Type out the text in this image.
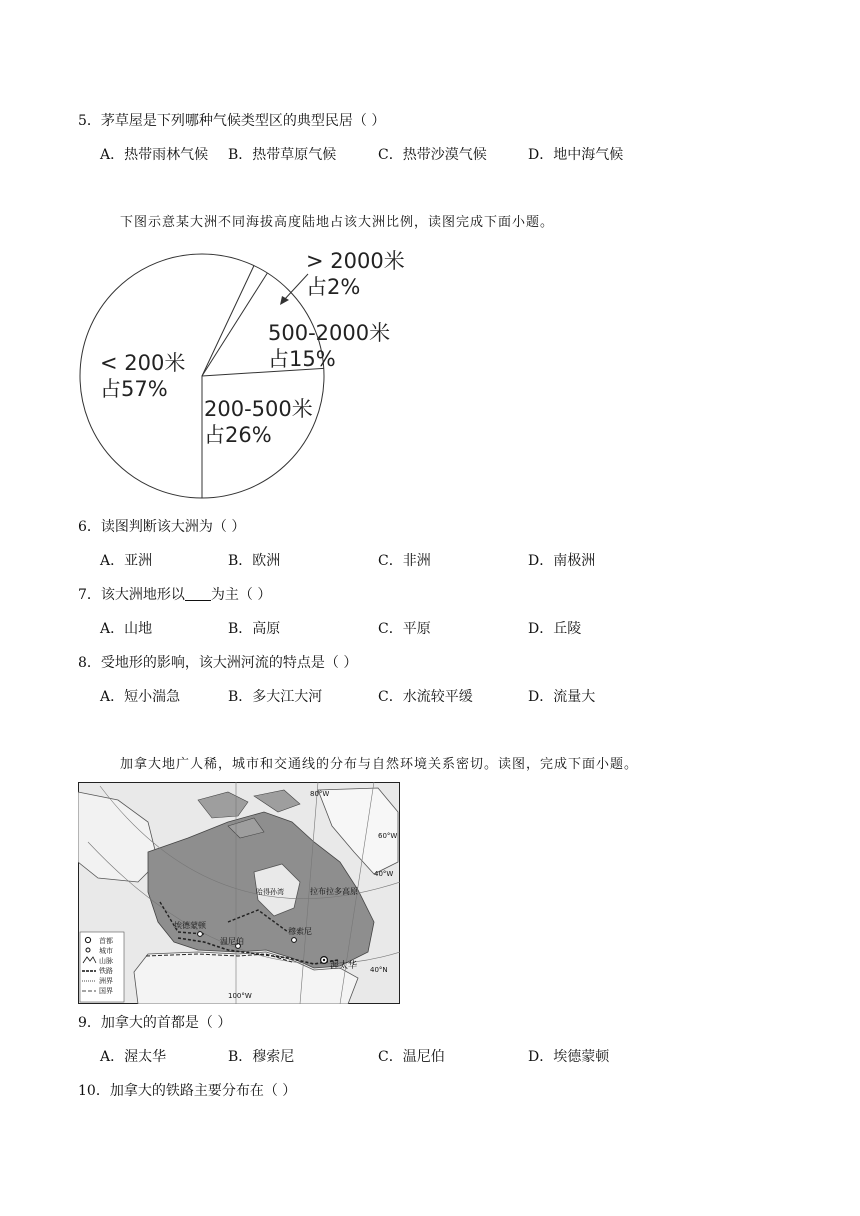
5．茅草屋是下列哪种气候类型区的典型民居（ ）
A．热带雨林气候 B．热带草原气候	C．热带沙漠气候	D．地中海气候
下图示意某大洲不同海拔高度陆地占该大洲比例，读图完成下面小题。
< 200米
占57%
200-500米
占26%
500-2000米
占15%
> 2000米
占2%
6．读图判断该大洲为（ ）
A．亚洲	B．欧洲	C．非洲	D．南极洲
7．该大洲地形以 为主（ ）
A．山地	B．高原	C．平原	D．丘陵
8．受地形的影响，该大洲河流的特点是（ ）
A．短小湍急	B．多大江大河	C．水流较平缓	D．流量大
加拿大地广人稀，城市和交通线的分布与自然环境关系密切。读图，完成下面小题。
拉布拉多高原
哈得孙湾
埃德蒙顿
温尼伯
穆索尼
渥太华
100°W
80°W
60°W
40°W
40°N
首都
城市
山脉
铁路
洲界
国界
9．加拿大的首都是（ ）
A．渥太华	B．穆索尼	C．温尼伯	D．埃德蒙顿
10．加拿大的铁路主要分布在（ ）
